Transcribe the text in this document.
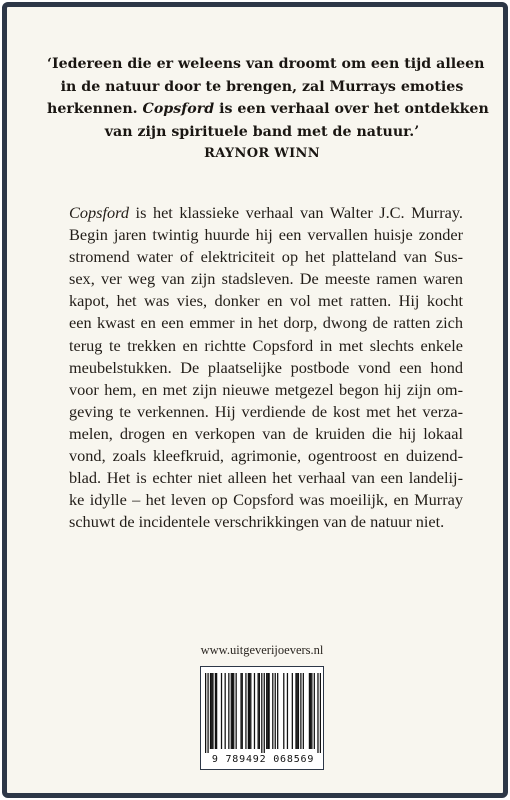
‘Iedereen die er weleens van droomt om een tijd alleen
in de natuur door te brengen, zal Murrays emoties
herkennen. Copsford is een verhaal over het ontdekken
van zijn spirituele band met de natuur.’
RAYNOR WINN
Copsford is het klassieke verhaal van Walter J.C. Murray.
Begin jaren twintig huurde hij een vervallen huisje zonder
stromend water of elektriciteit op het platteland van Sus-
sex, ver weg van zijn stadsleven. De meeste ramen waren
kapot, het was vies, donker en vol met ratten. Hij kocht
een kwast en een emmer in het dorp, dwong de ratten zich
terug te trekken en richtte Copsford in met slechts enkele
meubelstukken. De plaatselijke postbode vond een hond
voor hem, en met zijn nieuwe metgezel begon hij zijn om-
geving te verkennen. Hij verdiende de kost met het verza-
melen, drogen en verkopen van de kruiden die hij lokaal
vond, zoals kleefkruid, agrimonie, ogentroost en duizend-
blad. Het is echter niet alleen het verhaal van een landelij-
ke idylle – het leven op Copsford was moeilijk, en Murray
schuwt de incidentele verschrikkingen van de natuur niet.
www.uitgeverijoevers.nl
9 789492 068569
